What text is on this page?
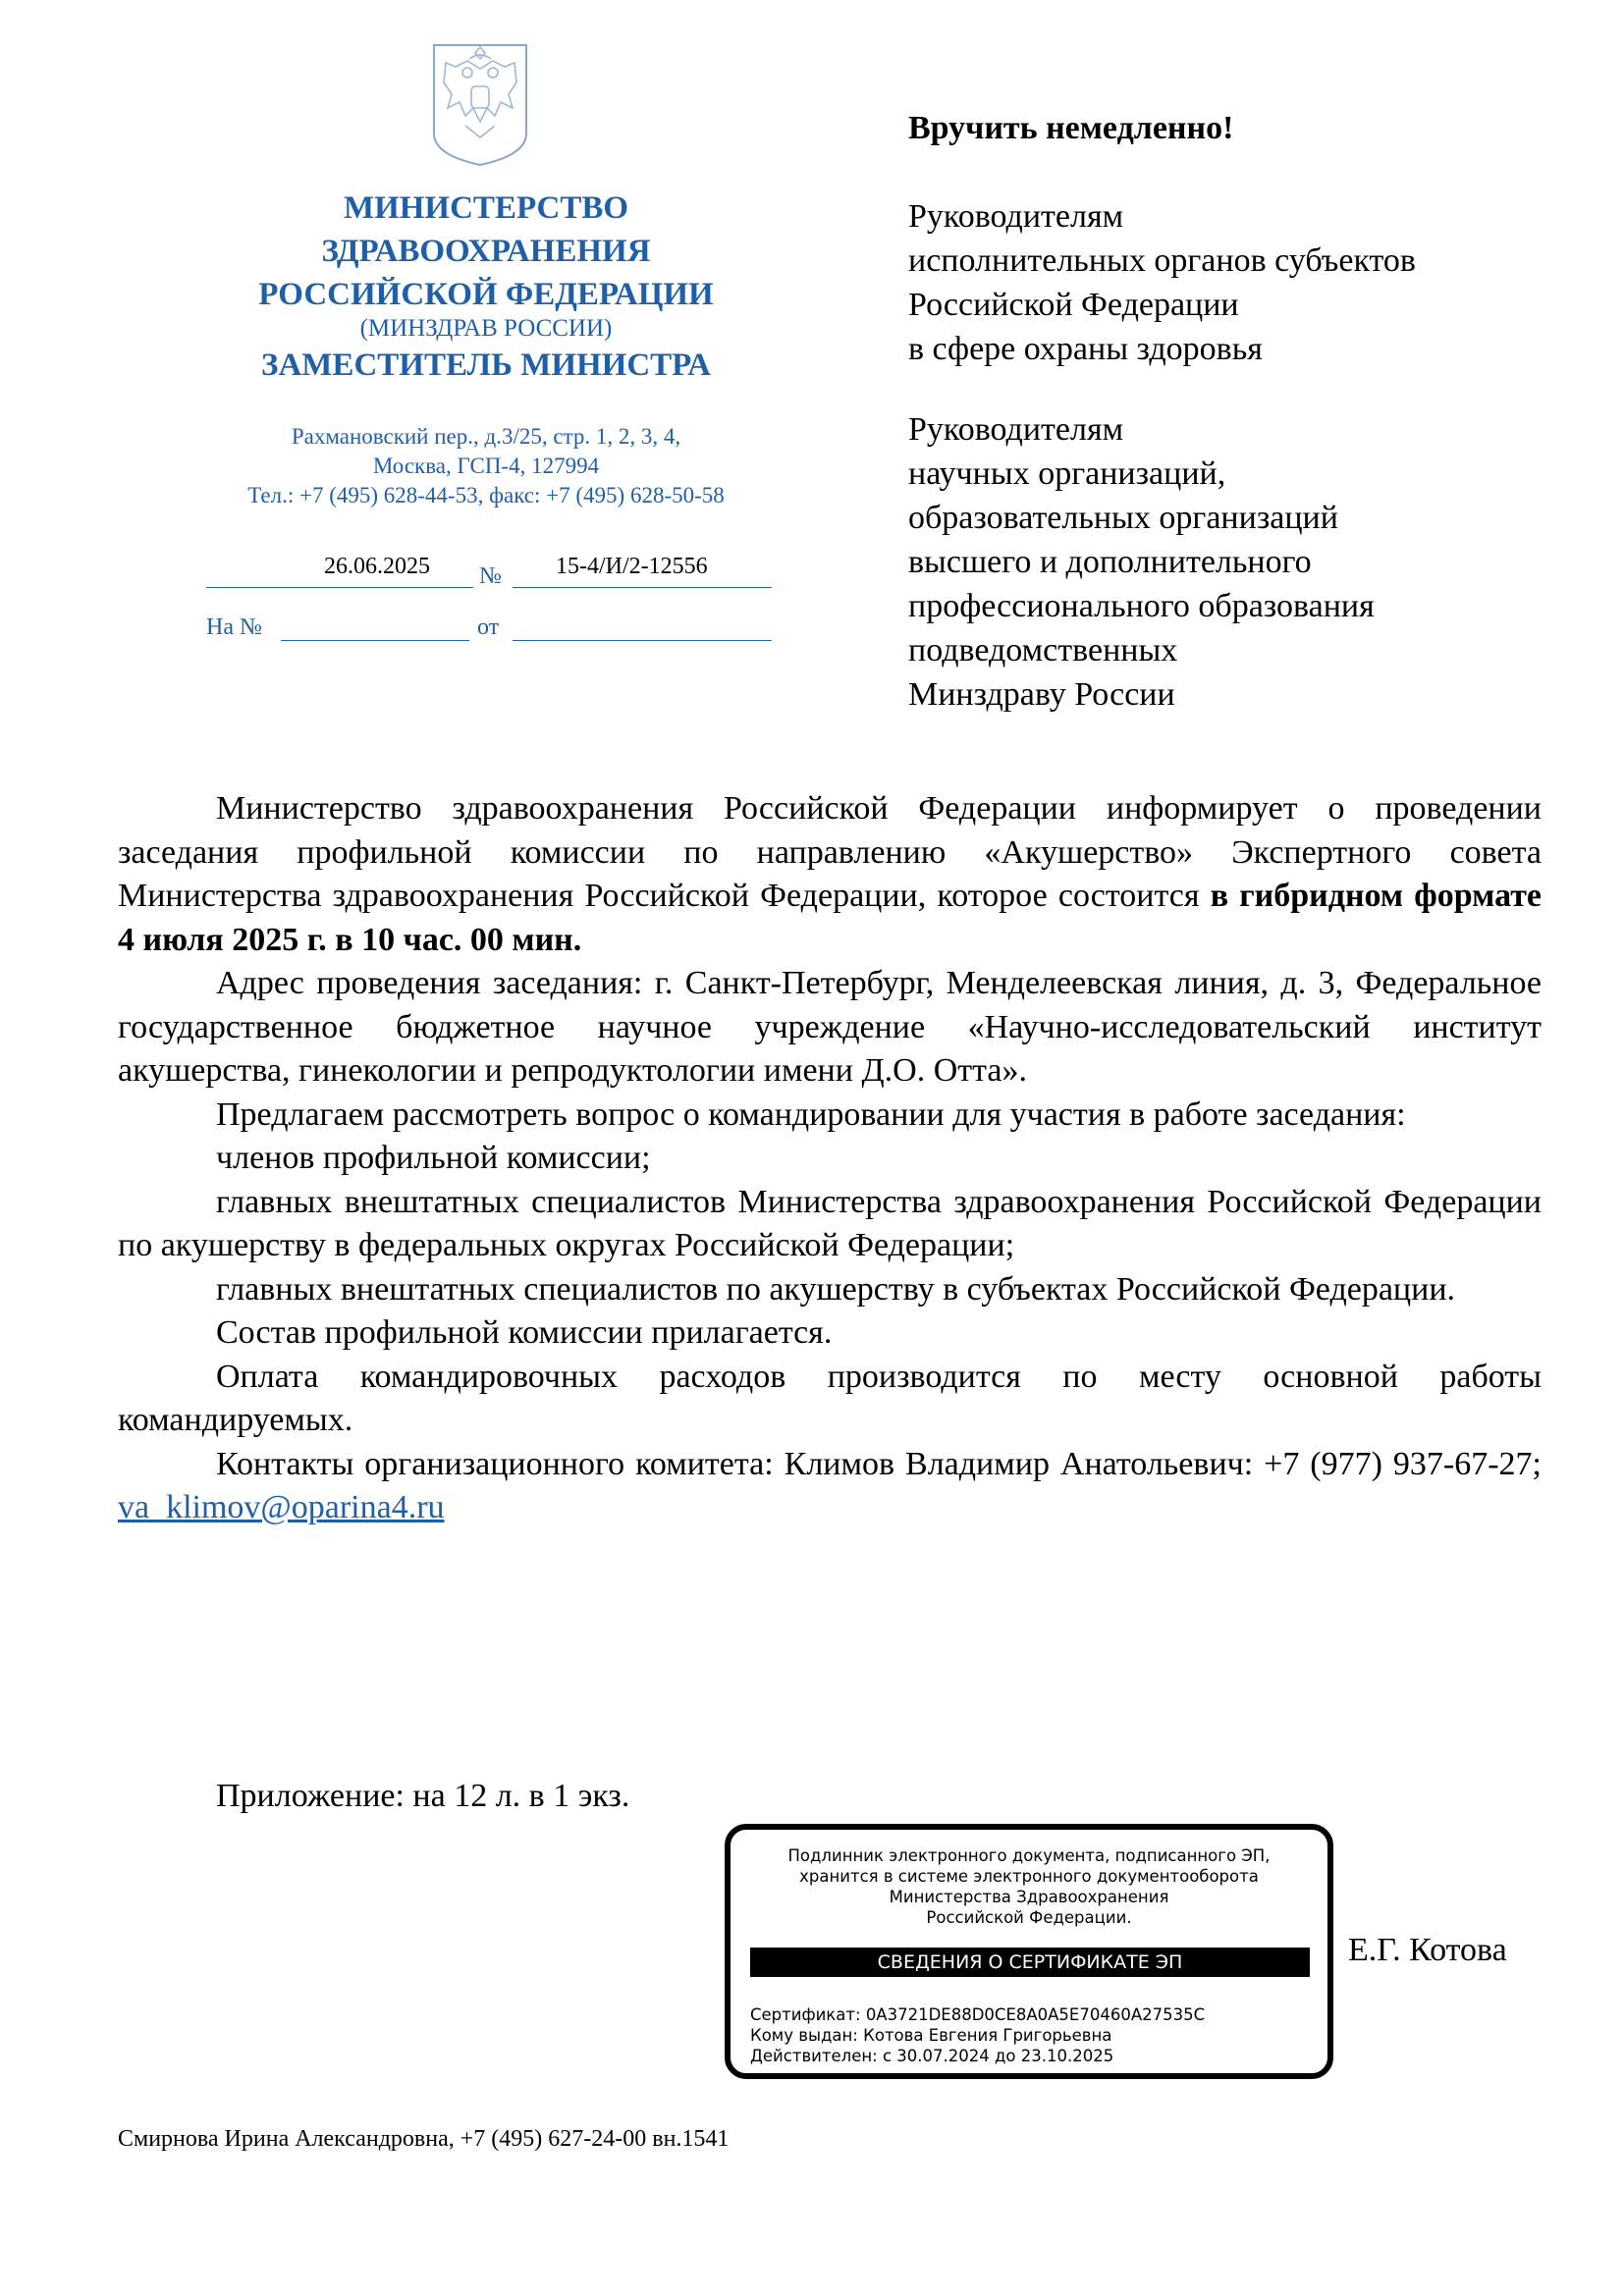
МИНИСТЕРСТВО
ЗДРАВООХРАНЕНИЯ
РОССИЙСКОЙ ФЕДЕРАЦИИ
(МИНЗДРАВ РОССИИ)
ЗАМЕСТИТЕЛЬ МИНИСТРА
Рахмановский пер., д.3/25, стр. 1, 2, 3, 4,
Москва, ГСП-4, 127994
Тел.: +7 (495) 628-44-53, факс: +7 (495) 628-50-58
26.06.2025 № 15-4/И/2-12556
На №	от
Вручить немедленно!
Руководителям
исполнительных органов субъектов
Российской Федерации
в сфере охраны здоровья
Руководителям
научных организаций,
образовательных организаций
высшего и дополнительного
профессионального образования
подведомственных
Минздраву России

Министерство здравоохранения Российской Федерации информирует о проведении заседания профильной комиссии по направлению «Акушерство» Экспертного совета Министерства здравоохранения Российской Федерации, которое состоится в гибридном формате 4 июля 2025 г. в 10 час. 00 мин.

Адрес проведения заседания: г. Санкт-Петербург, Менделеевская линия, д. 3, Федеральное государственное бюджетное научное учреждение «Научно-исследовательский институт акушерства, гинекологии и репродуктологии имени Д.О. Отта».

Предлагаем рассмотреть вопрос о командировании для участия в работе заседания:

членов профильной комиссии;

главных внештатных специалистов Министерства здравоохранения Российской Федерации по акушерству в федеральных округах Российской Федерации;

главных внештатных специалистов по акушерству в субъектах Российской Федерации.

Состав профильной комиссии прилагается.

Оплата командировочных расходов производится по месту основной работы командируемых.

Контакты организационного комитета: Климов Владимир Анатольевич: +7 (977) 937-67-27; va_klimov@oparina4.ru

Приложение: на 12 л. в 1 экз.
Подлинник электронного документа, подписанного ЭП,
хранится в системе электронного документооборота
Министерства Здравоохранения
Российской Федерации.
СВЕДЕНИЯ О СЕРТИФИКАТЕ ЭП
Сертификат: 0A3721DE88D0CE8A0A5E70460A27535C
Кому выдан: Котова Евгения Григорьевна
Действителен: с 30.07.2024 до 23.10.2025
Е.Г. Котова
Смирнова Ирина Александровна, +7 (495) 627-24-00 вн.1541
